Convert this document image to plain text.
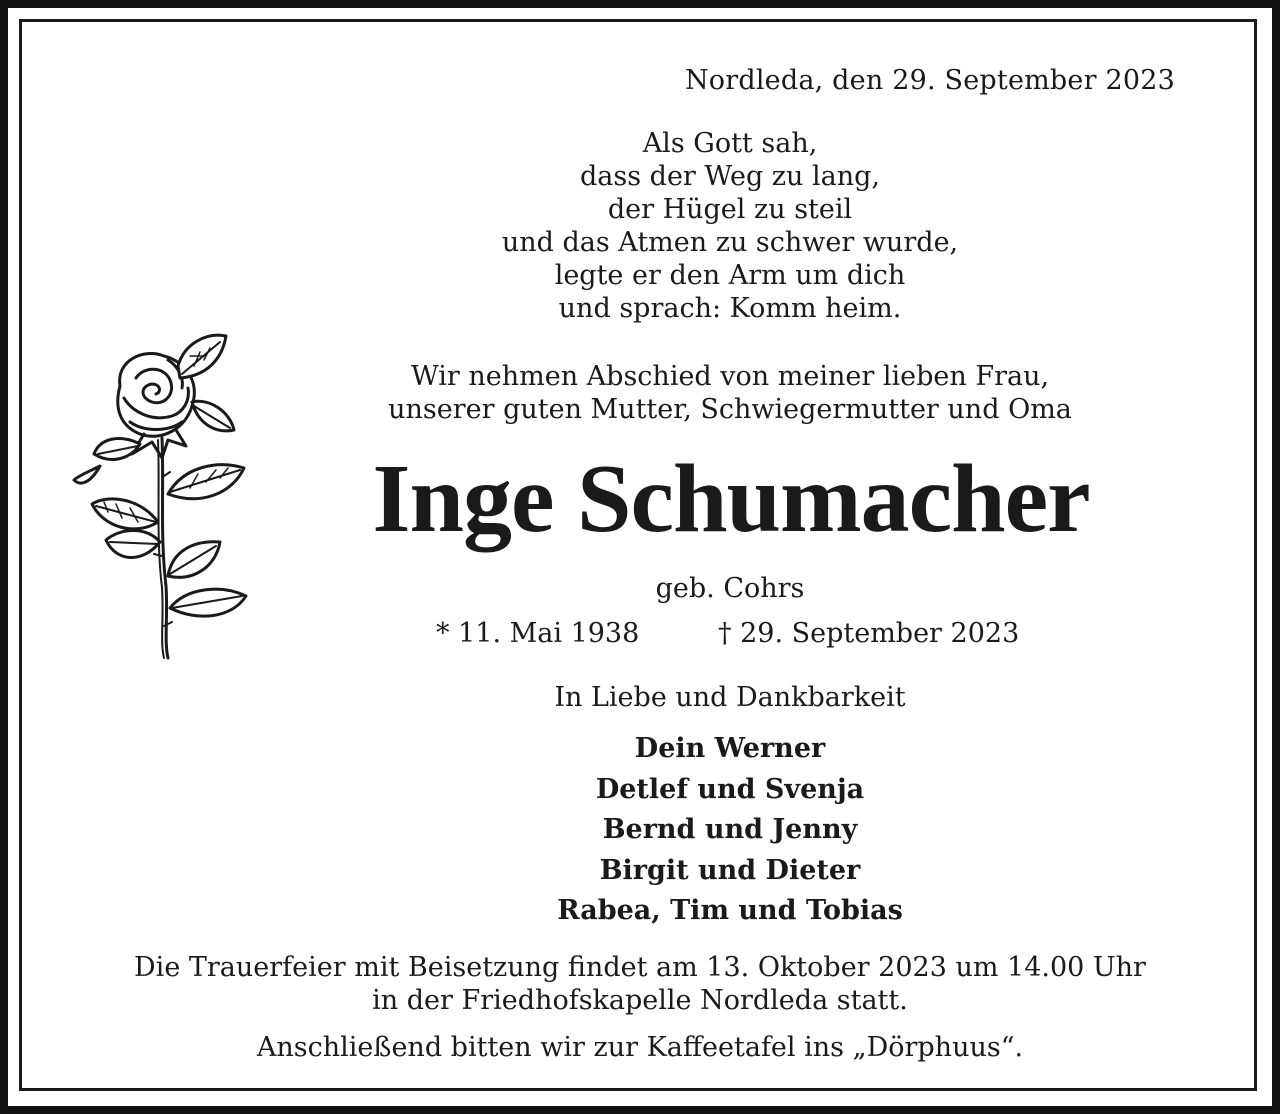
Nordleda, den 29. September 2023
Als Gott sah,
dass der Weg zu lang,
der Hügel zu steil
und das Atmen zu schwer wurde,
legte er den Arm um dich
und sprach: Komm heim.
Wir nehmen Abschied von meiner lieben Frau,
unserer guten Mutter, Schwiegermutter und Oma
Inge Schumacher
geb. Cohrs
* 11. Mai 1938	† 29. September 2023
In Liebe und Dankbarkeit
Dein Werner
Detlef und Svenja
Bernd und Jenny
Birgit und Dieter
Rabea, Tim und Tobias
Die Trauerfeier mit Beisetzung findet am 13. Oktober 2023 um 14.00 Uhr
in der Friedhofskapelle Nordleda statt.
Anschließend bitten wir zur Kaffeetafel ins „Dörphuus“.
